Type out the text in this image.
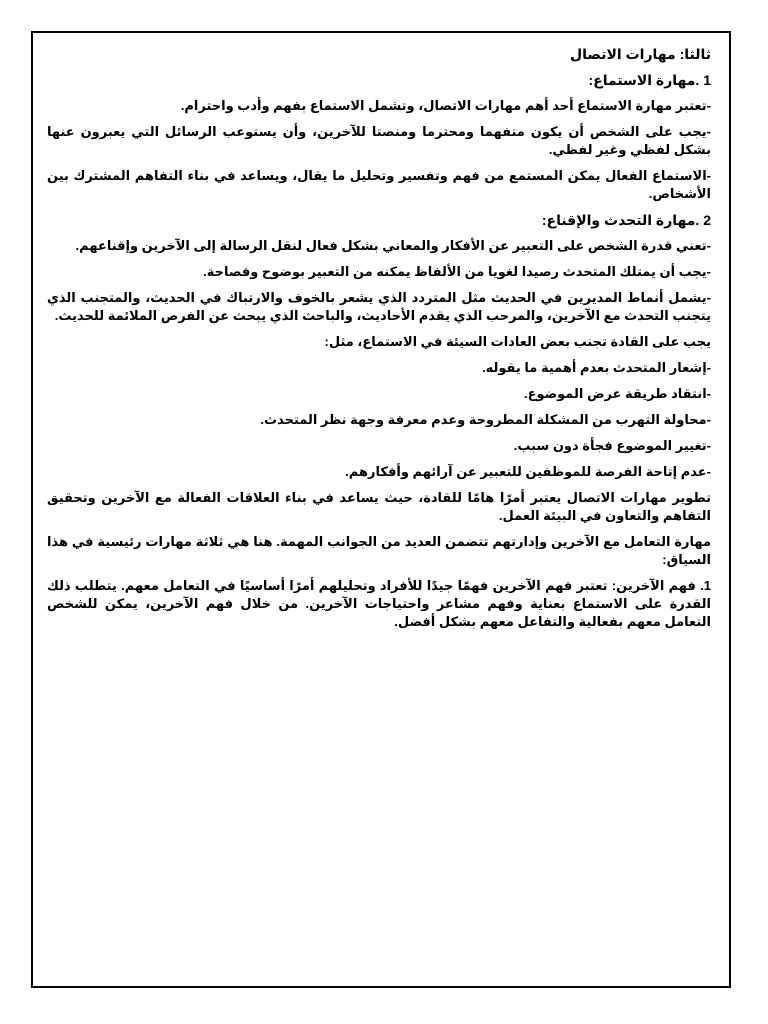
ثالثا: مهارات الاتصال

1 .مهارة الاستماع:

-تعتبر مهارة الاستماع أحد أهم مهارات الاتصال، وتشمل الاستماع بفهم وأدب واحترام.

-يجب على الشخص أن يكون متفهما ومحترما ومنصتا للآخرين، وأن يستوعب الرسائل التي يعبرون عنها بشكل لفظي وغير لفظي.

-الاستماع الفعال يمكن المستمع من فهم وتفسير وتحليل ما يقال، ويساعد في بناء التفاهم المشترك بين الأشخاص.

2 .مهارة التحدث والإقناع:

-تعني قدرة الشخص على التعبير عن الأفكار والمعاني بشكل فعال لنقل الرسالة إلى الآخرين وإقناعهم.

-يجب أن يمتلك المتحدث رصيدا لغويا من الألفاظ يمكنه من التعبير بوضوح وفصاحة.

-يشمل أنماط المديرين في الحديث مثل المتردد الذي يشعر بالخوف والارتباك في الحديث، والمتجنب الذي يتجنب التحدث مع الآخرين، والمرحب الذي يقدم الأحاديث، والباحث الذي يبحث عن الفرص الملائمة للحديث.

يجب على القادة تجنب بعض العادات السيئة في الاستماع، مثل:

-إشعار المتحدث بعدم أهمية ما يقوله.

-انتقاد طريقة عرض الموضوع.

-محاولة التهرب من المشكلة المطروحة وعدم معرفة وجهة نظر المتحدث.

-تغيير الموضوع فجأة دون سبب.

-عدم إتاحة الفرصة للموظفين للتعبير عن آرائهم وأفكارهم.

تطوير مهارات الاتصال يعتبر أمرًا هامًا للقادة، حيث يساعد في بناء العلاقات الفعالة مع الآخرين وتحقيق التفاهم والتعاون في البيئة العمل.

مهارة التعامل مع الآخرين وإدارتهم تتضمن العديد من الجوانب المهمة. هنا هي ثلاثة مهارات رئيسية في هذا السياق:

1. فهم الآخرين: تعتبر فهم الآخرين فهمًا جيدًا للأفراد وتحليلهم أمرًا أساسيًا في التعامل معهم. يتطلب ذلك القدرة على الاستماع بعناية وفهم مشاعر واحتياجات الآخرين. من خلال فهم الآخرين، يمكن للشخص التعامل معهم بفعالية والتفاعل معهم بشكل أفضل.
